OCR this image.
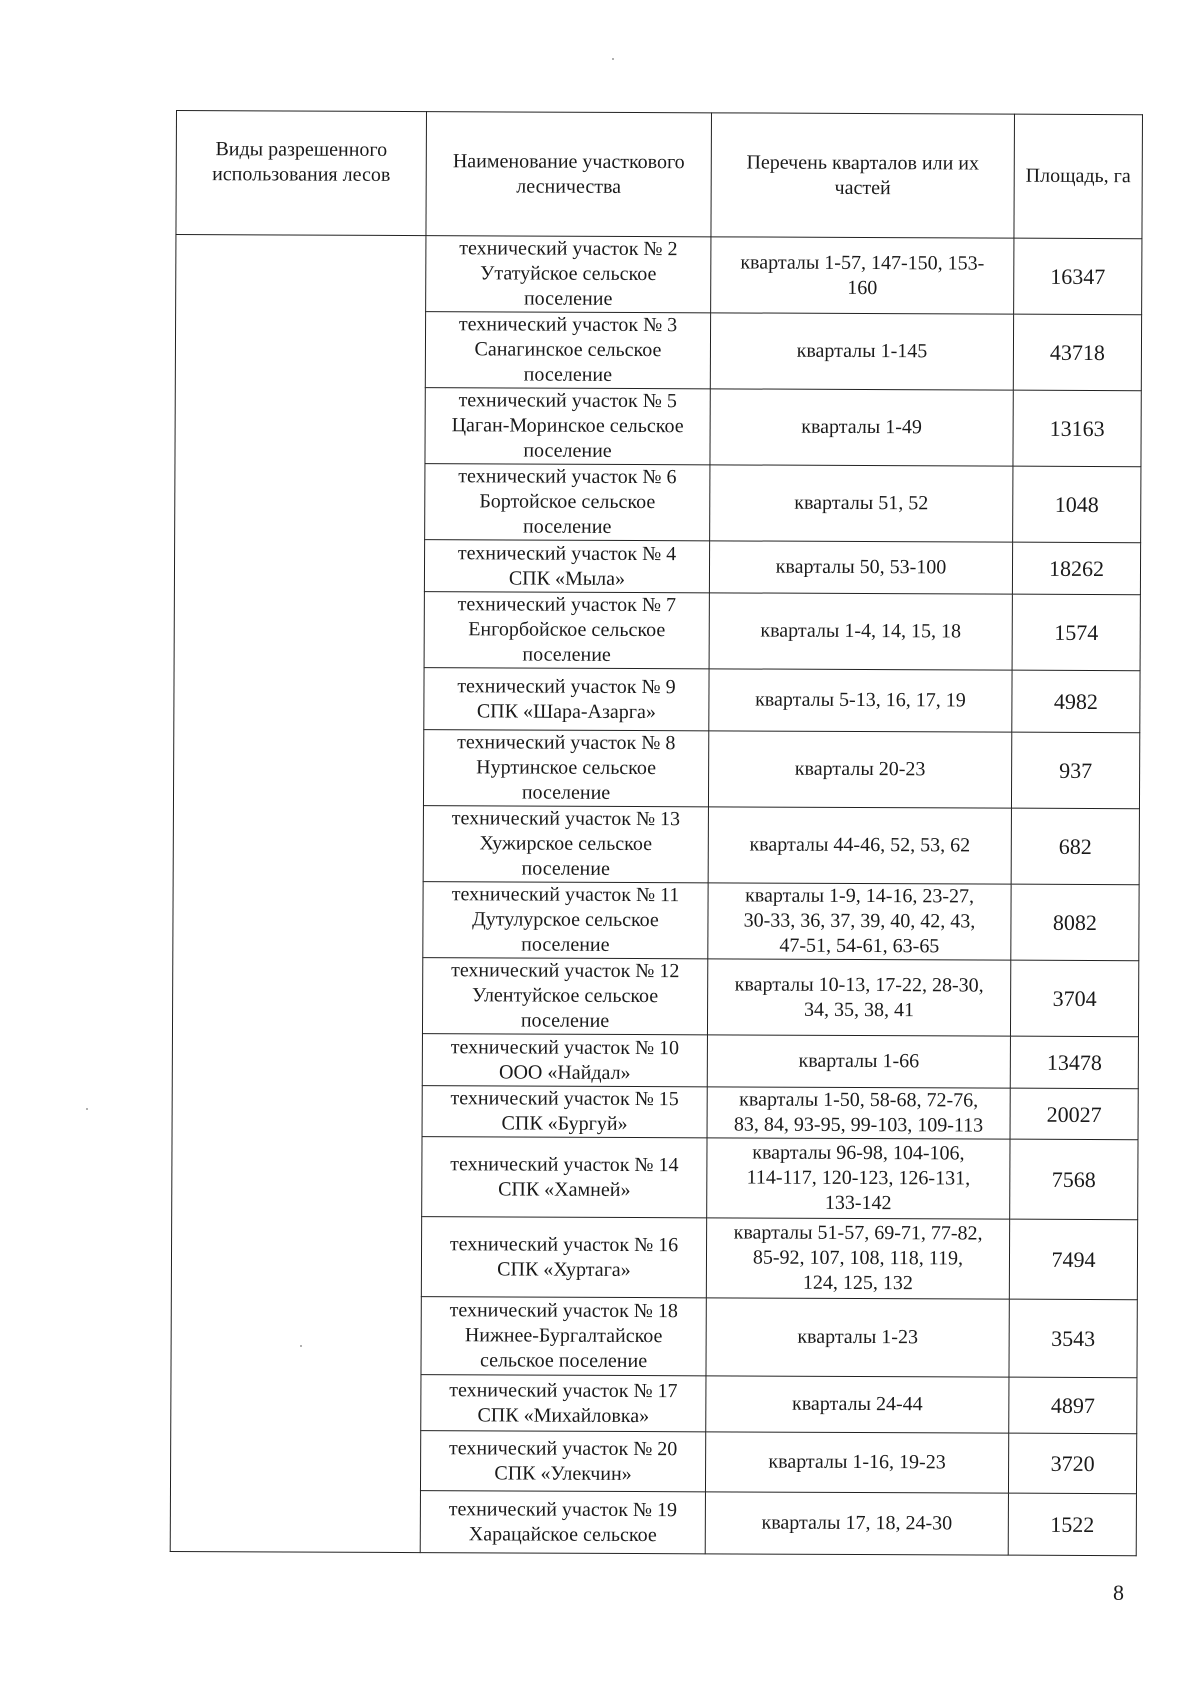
Виды разрешенного использования лесов	Наименование участкового лесничества	Перечень кварталов или их частей	Площадь, га

	технический участок № 2
Утатуйское сельское
поселение	кварталы 1-57, 147-150, 153-
160	16347

	технический участок № 3
Санагинское сельское
поселение	кварталы 1-145	43718

	технический участок № 5
Цаган-Моринское сельское
поселение	кварталы 1-49	13163

	технический участок № 6
Бортойское сельское
поселение	кварталы 51, 52	1048

	технический участок № 4
СПК «Мыла»	кварталы 50, 53-100	18262

	технический участок № 7
Енгорбойское сельское
поселение	кварталы 1-4, 14, 15, 18	1574

	технический участок № 9
СПК «Шара-Азарга»	кварталы 5-13, 16, 17, 19	4982

	технический участок № 8
Нуртинское сельское
поселение	кварталы 20-23	937

	технический участок № 13
Хужирское сельское
поселение	кварталы 44-46, 52, 53, 62	682

	технический участок № 11
Дутулурское сельское
поселение	кварталы 1-9, 14-16, 23-27,
30-33, 36, 37, 39, 40, 42, 43,
47-51, 54-61, 63-65	8082

	технический участок № 12
Улентуйское сельское
поселение	кварталы 10-13, 17-22, 28-30,
34, 35, 38, 41	3704

	технический участок № 10
ООО «Найдал»	кварталы 1-66	13478

	технический участок № 15
СПК «Бургуй»	кварталы 1-50, 58-68, 72-76,
83, 84, 93-95, 99-103, 109-113	20027

	технический участок № 14
СПК «Хамней»	кварталы 96-98, 104-106,
114-117, 120-123, 126-131,
133-142	7568

	технический участок № 16
СПК «Хуртага»	кварталы 51-57, 69-71, 77-82,
85-92, 107, 108, 118, 119,
124, 125, 132	7494

	технический участок № 18
Нижнее-Бургалтайское
сельское поселение	кварталы 1-23	3543

	технический участок № 17
СПК «Михайловка»	кварталы 24-44	4897

	технический участок № 20
СПК «Улекчин»	кварталы 1-16, 19-23	3720

	технический участок № 19
Харацайское сельское	кварталы 17, 18, 24-30	1522
8
